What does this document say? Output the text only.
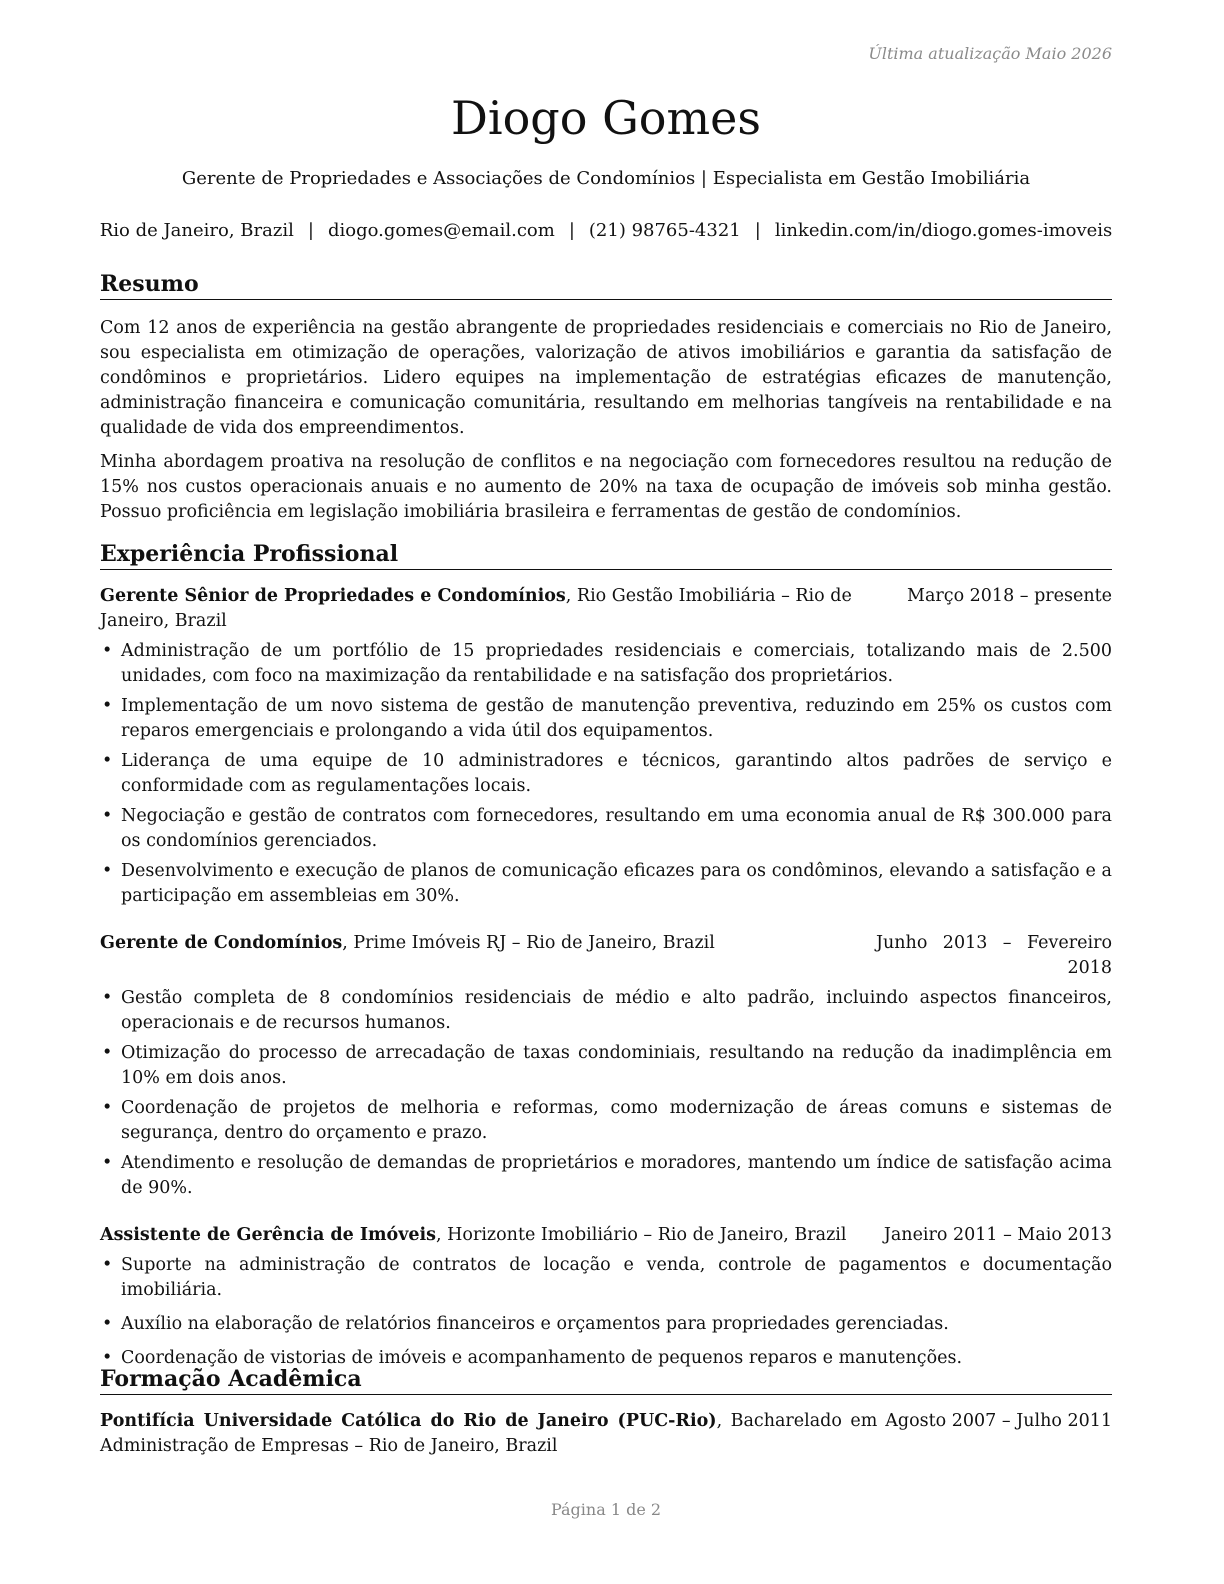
Última atualização Maio 2026
Diogo Gomes
Gerente de Propriedades e Associações de Condomínios | Especialista em Gestão Imobiliária
Rio de Janeiro, Brazil | diogo.gomes@email.com | (21) 98765-4321 | linkedin.com/in/diogo.gomes-imoveis
Resumo

Com 12 anos de experiência na gestão abrangente de propriedades residenciais e comerciais no Rio de Janeiro, sou especialista em otimização de operações, valorização de ativos imobiliários e garantia da satisfação de condôminos e proprietários. Lidero equipes na implementação de estratégias eficazes de manutenção, administração financeira e comunicação comunitária, resultando em melhorias tangíveis na rentabilidade e na qualidade de vida dos empreendimentos.

Minha abordagem proativa na resolução de conflitos e na negociação com fornecedores resultou na redução de 15% nos custos operacionais anuais e no aumento de 20% na taxa de ocupação de imóveis sob minha gestão. Possuo proficiência em legislação imobiliária brasileira e ferramentas de gestão de condomínios.

Experiência Profissional
Gerente Sênior de Propriedades e Condomínios, Rio Gestão Imobiliária – Rio de Janeiro, Brazil
Março 2018 – presente
• Administração de um portfólio de 15 propriedades residenciais e comerciais, totalizando mais de 2.500 unidades, com foco na maximização da rentabilidade e na satisfação dos proprietários.
• Implementação de um novo sistema de gestão de manutenção preventiva, reduzindo em 25% os custos com reparos emergenciais e prolongando a vida útil dos equipamentos.
• Liderança de uma equipe de 10 administradores e técnicos, garantindo altos padrões de serviço e conformidade com as regulamentações locais.
• Negociação e gestão de contratos com fornecedores, resultando em uma economia anual de R$ 300.000 para os condomínios gerenciados.
• Desenvolvimento e execução de planos de comunicação eficazes para os condôminos, elevando a satisfação e a participação em assembleias em 30%.
Gerente de Condomínios, Prime Imóveis RJ – Rio de Janeiro, Brazil	Junho 2013 – Fevereiro 2018
• Gestão completa de 8 condomínios residenciais de médio e alto padrão, incluindo aspectos financeiros, operacionais e de recursos humanos.
• Otimização do processo de arrecadação de taxas condominiais, resultando na redução da inadimplência em 10% em dois anos.
• Coordenação de projetos de melhoria e reformas, como modernização de áreas comuns e sistemas de segurança, dentro do orçamento e prazo.
• Atendimento e resolução de demandas de proprietários e moradores, mantendo um índice de satisfação acima de 90%.
Assistente de Gerência de Imóveis, Horizonte Imobiliário – Rio de Janeiro, Brazil	Janeiro 2011 – Maio 2013
• Suporte na administração de contratos de locação e venda, controle de pagamentos e documentação imobiliária.
• Auxílio na elaboração de relatórios financeiros e orçamentos para propriedades gerenciadas.
• Coordenação de vistorias de imóveis e acompanhamento de pequenos reparos e manutenções.
Formação Acadêmica
Pontifícia Universidade Católica do Rio de Janeiro (PUC-Rio), Bacharelado em Administração de Empresas – Rio de Janeiro, Brazil
Agosto 2007 – Julho 2011
Página 1 de 2
